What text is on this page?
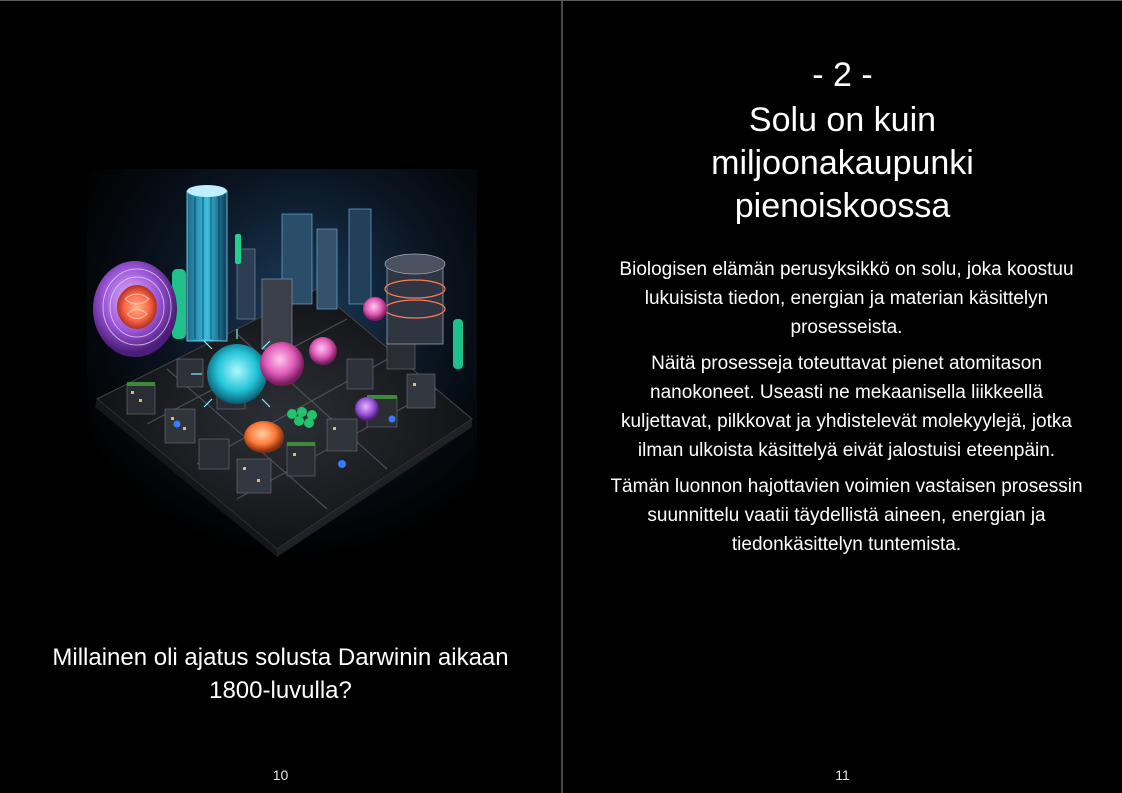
Millainen oli ajatus solusta Darwinin aikaan 1800-luvulla?
10
- 2 -
Solu on kuin miljoonakaupunki pienoiskoossa

Biologisen elämän perusyksikkö on solu, joka koostuu lukuisista tiedon, energian ja materian käsittelyn prosesseista.

Näitä prosesseja toteuttavat pienet atomitason nanokoneet. Useasti ne mekaanisella liikkeellä kuljettavat, pilkkovat ja yhdistelevät molekyylejä, jotka ilman ulkoista käsittelyä eivät jalostuisi eteenpäin.

Tämän luonnon hajottavien voimien vastaisen prosessin suunnittelu vaatii täydellistä aineen, energian ja tiedonkäsittelyn tuntemista.

11
